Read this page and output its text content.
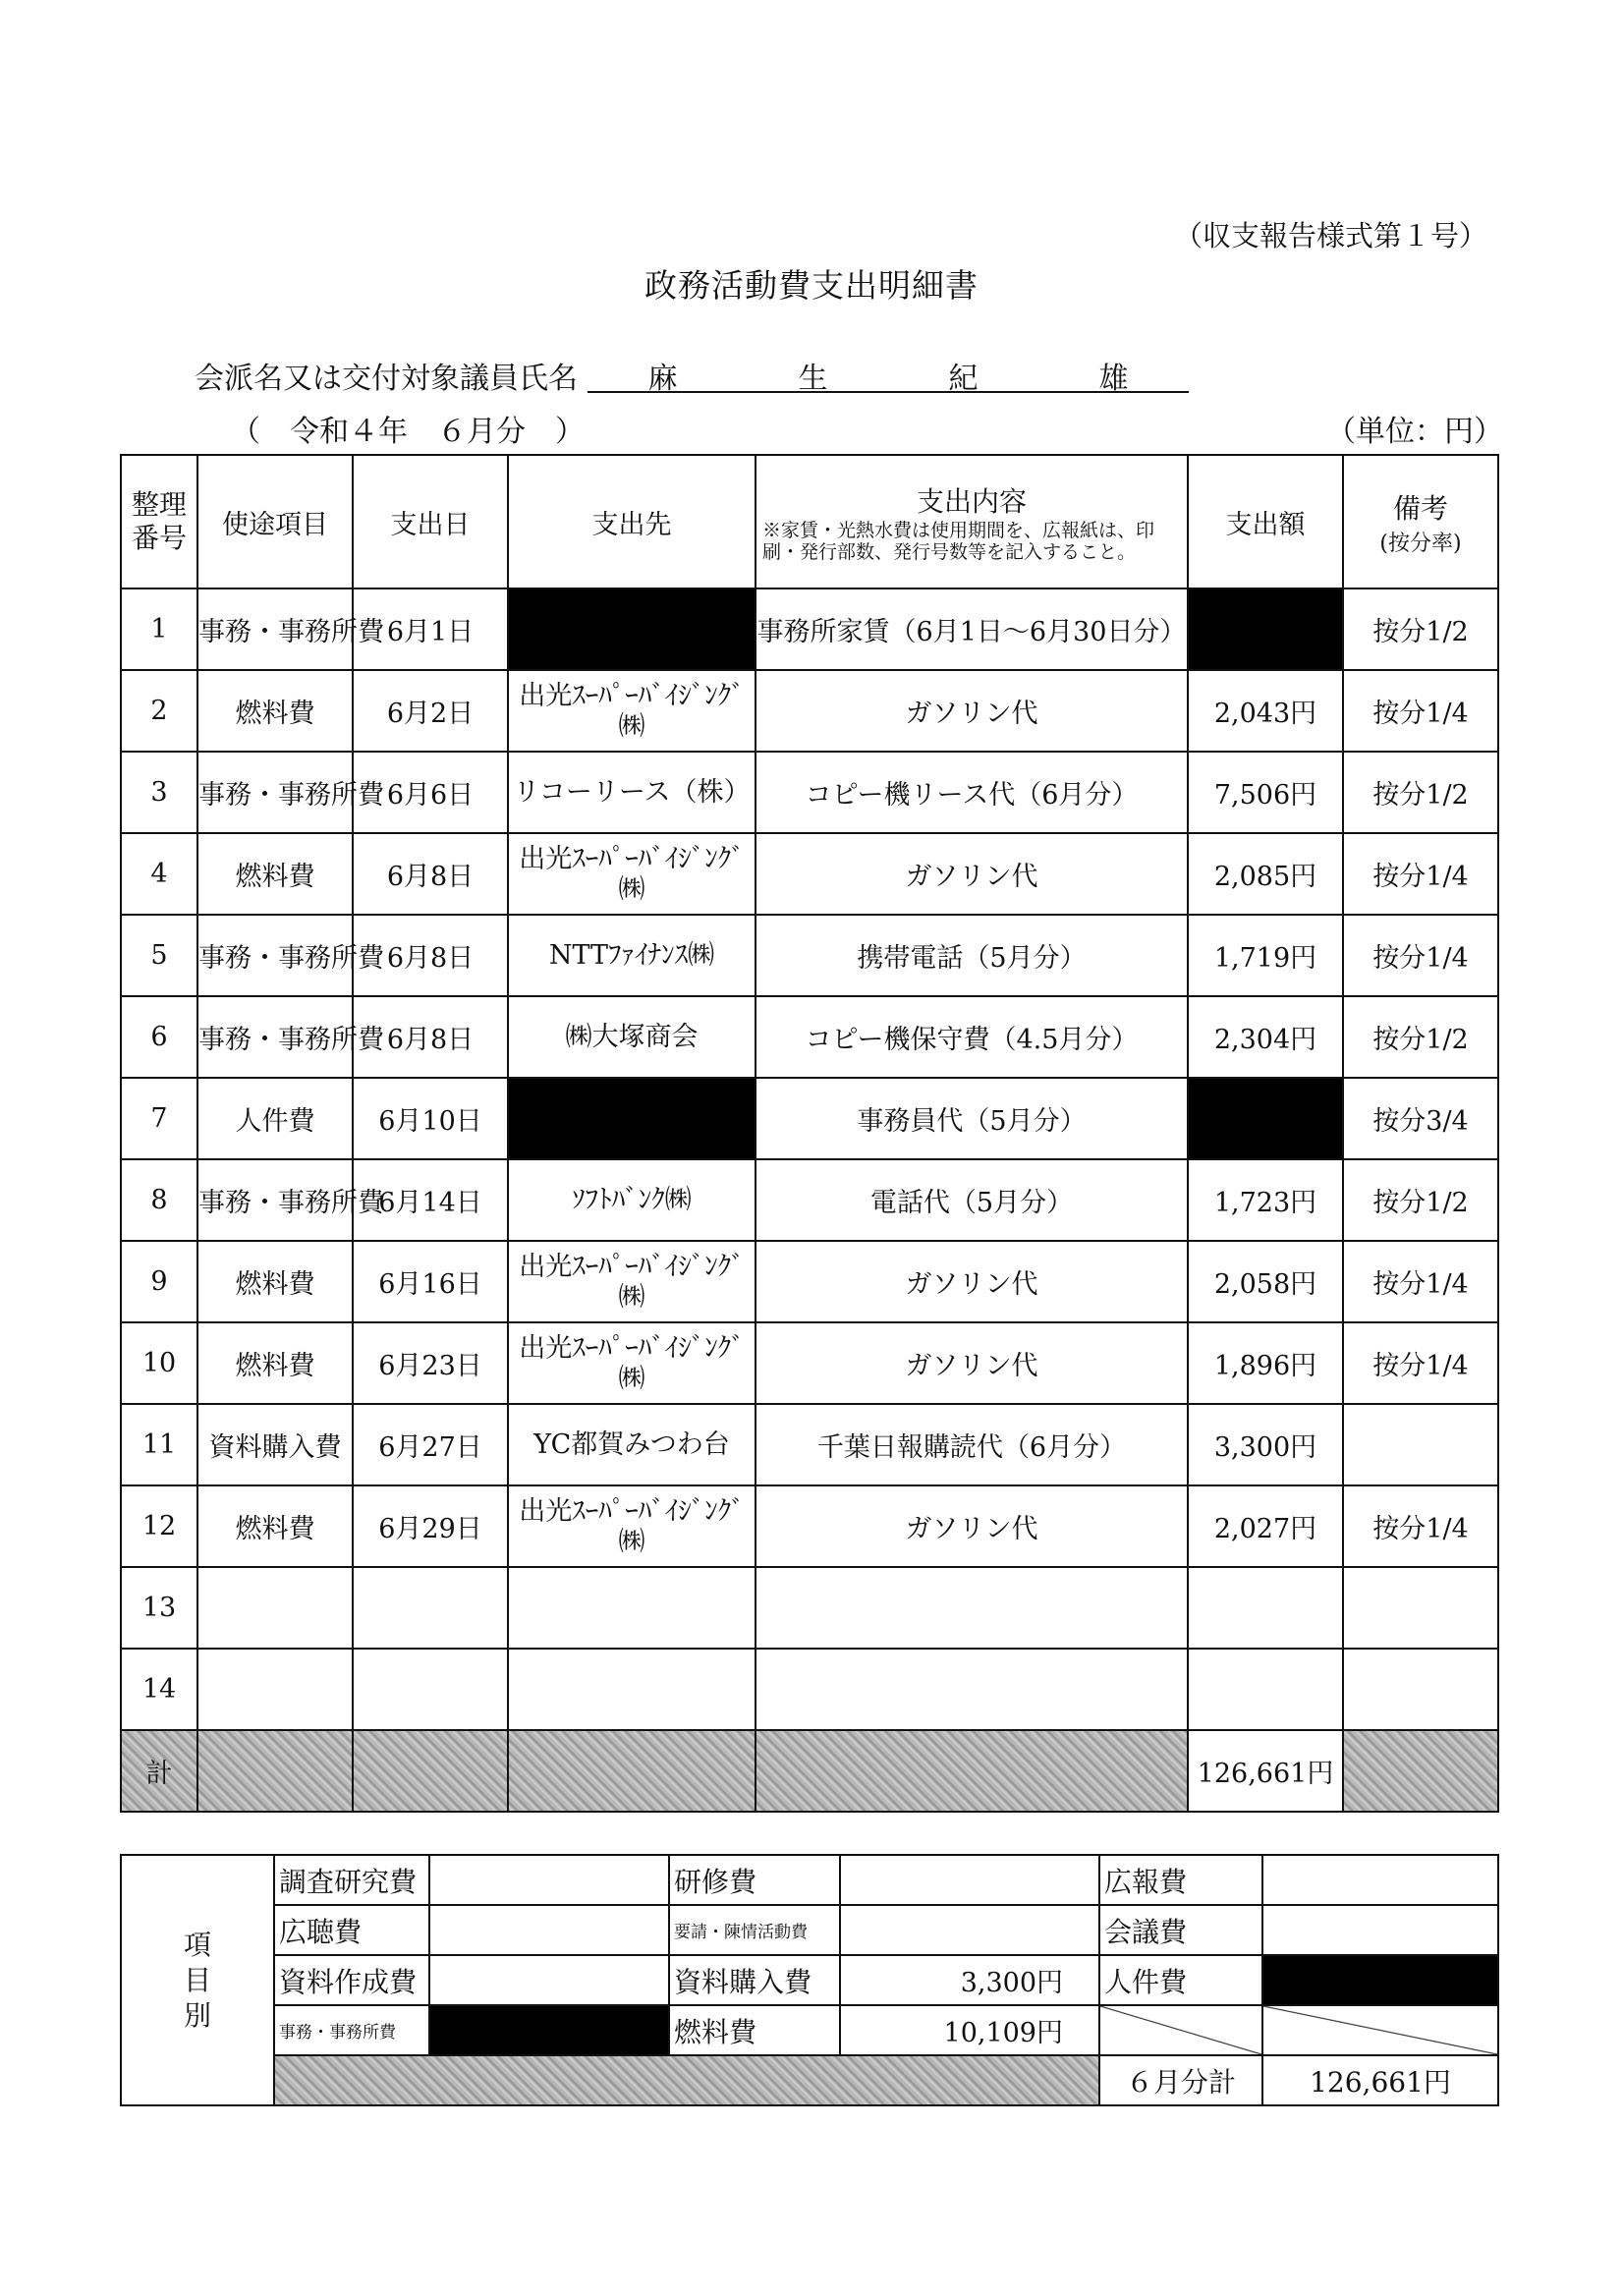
（収支報告様式第１号）
政務活動費支出明細書
会派名又は交付対象議員氏名 麻	生	紀	雄
（　令和４年　６月分　）	（単位：円）
整理番号	使途項目	支出日	支出先	支出内容
※家賃・光熱水費は使用期間を、広報紙は、印刷・発行部数、発行号数等を記入すること。	支出額	備考
(按分率)

1	事務・事務所費	6月1日		事務所家賃（6月1日～6月30日分）		按分1/2
2	燃料費	6月2日	出光ｽｰﾊﾟｰﾊﾞｲｼﾞﾝｸﾞ㈱	ガソリン代	2,043円	按分1/4
3	事務・事務所費	6月6日	リコーリース（株）	コピー機リース代（6月分）	7,506円	按分1/2
4	燃料費	6月8日	出光ｽｰﾊﾟｰﾊﾞｲｼﾞﾝｸﾞ㈱	ガソリン代	2,085円	按分1/4
5	事務・事務所費	6月8日	NTTﾌｧｲﾅﾝｽ㈱	携帯電話（5月分）	1,719円	按分1/4
6	事務・事務所費	6月8日	㈱大塚商会	コピー機保守費（4.5月分）	2,304円	按分1/2
7	人件費	6月10日		事務員代（5月分）		按分3/4
8	事務・事務所費	6月14日	ｿﾌﾄﾊﾞﾝｸ㈱	電話代（5月分）	1,723円	按分1/2
9	燃料費	6月16日	出光ｽｰﾊﾟｰﾊﾞｲｼﾞﾝｸﾞ㈱	ガソリン代	2,058円	按分1/4
10	燃料費	6月23日	出光ｽｰﾊﾟｰﾊﾞｲｼﾞﾝｸﾞ㈱	ガソリン代	1,896円	按分1/4
11	資料購入費	6月27日	YC都賀みつわ台	千葉日報購読代（6月分）	3,300円	
12	燃料費	6月29日	出光ｽｰﾊﾟｰﾊﾞｲｼﾞﾝｸﾞ㈱	ガソリン代	2,027円	按分1/4
13						
14						
計					126,661円	
項目別	調査研究費		研修費		広報費	
	広聴費		要請・陳情活動費		会議費	
	資料作成費		資料購入費	3,300円	人件費	
	事務・事務所費		燃料費	10,109円		
					６月分計	126,661円
